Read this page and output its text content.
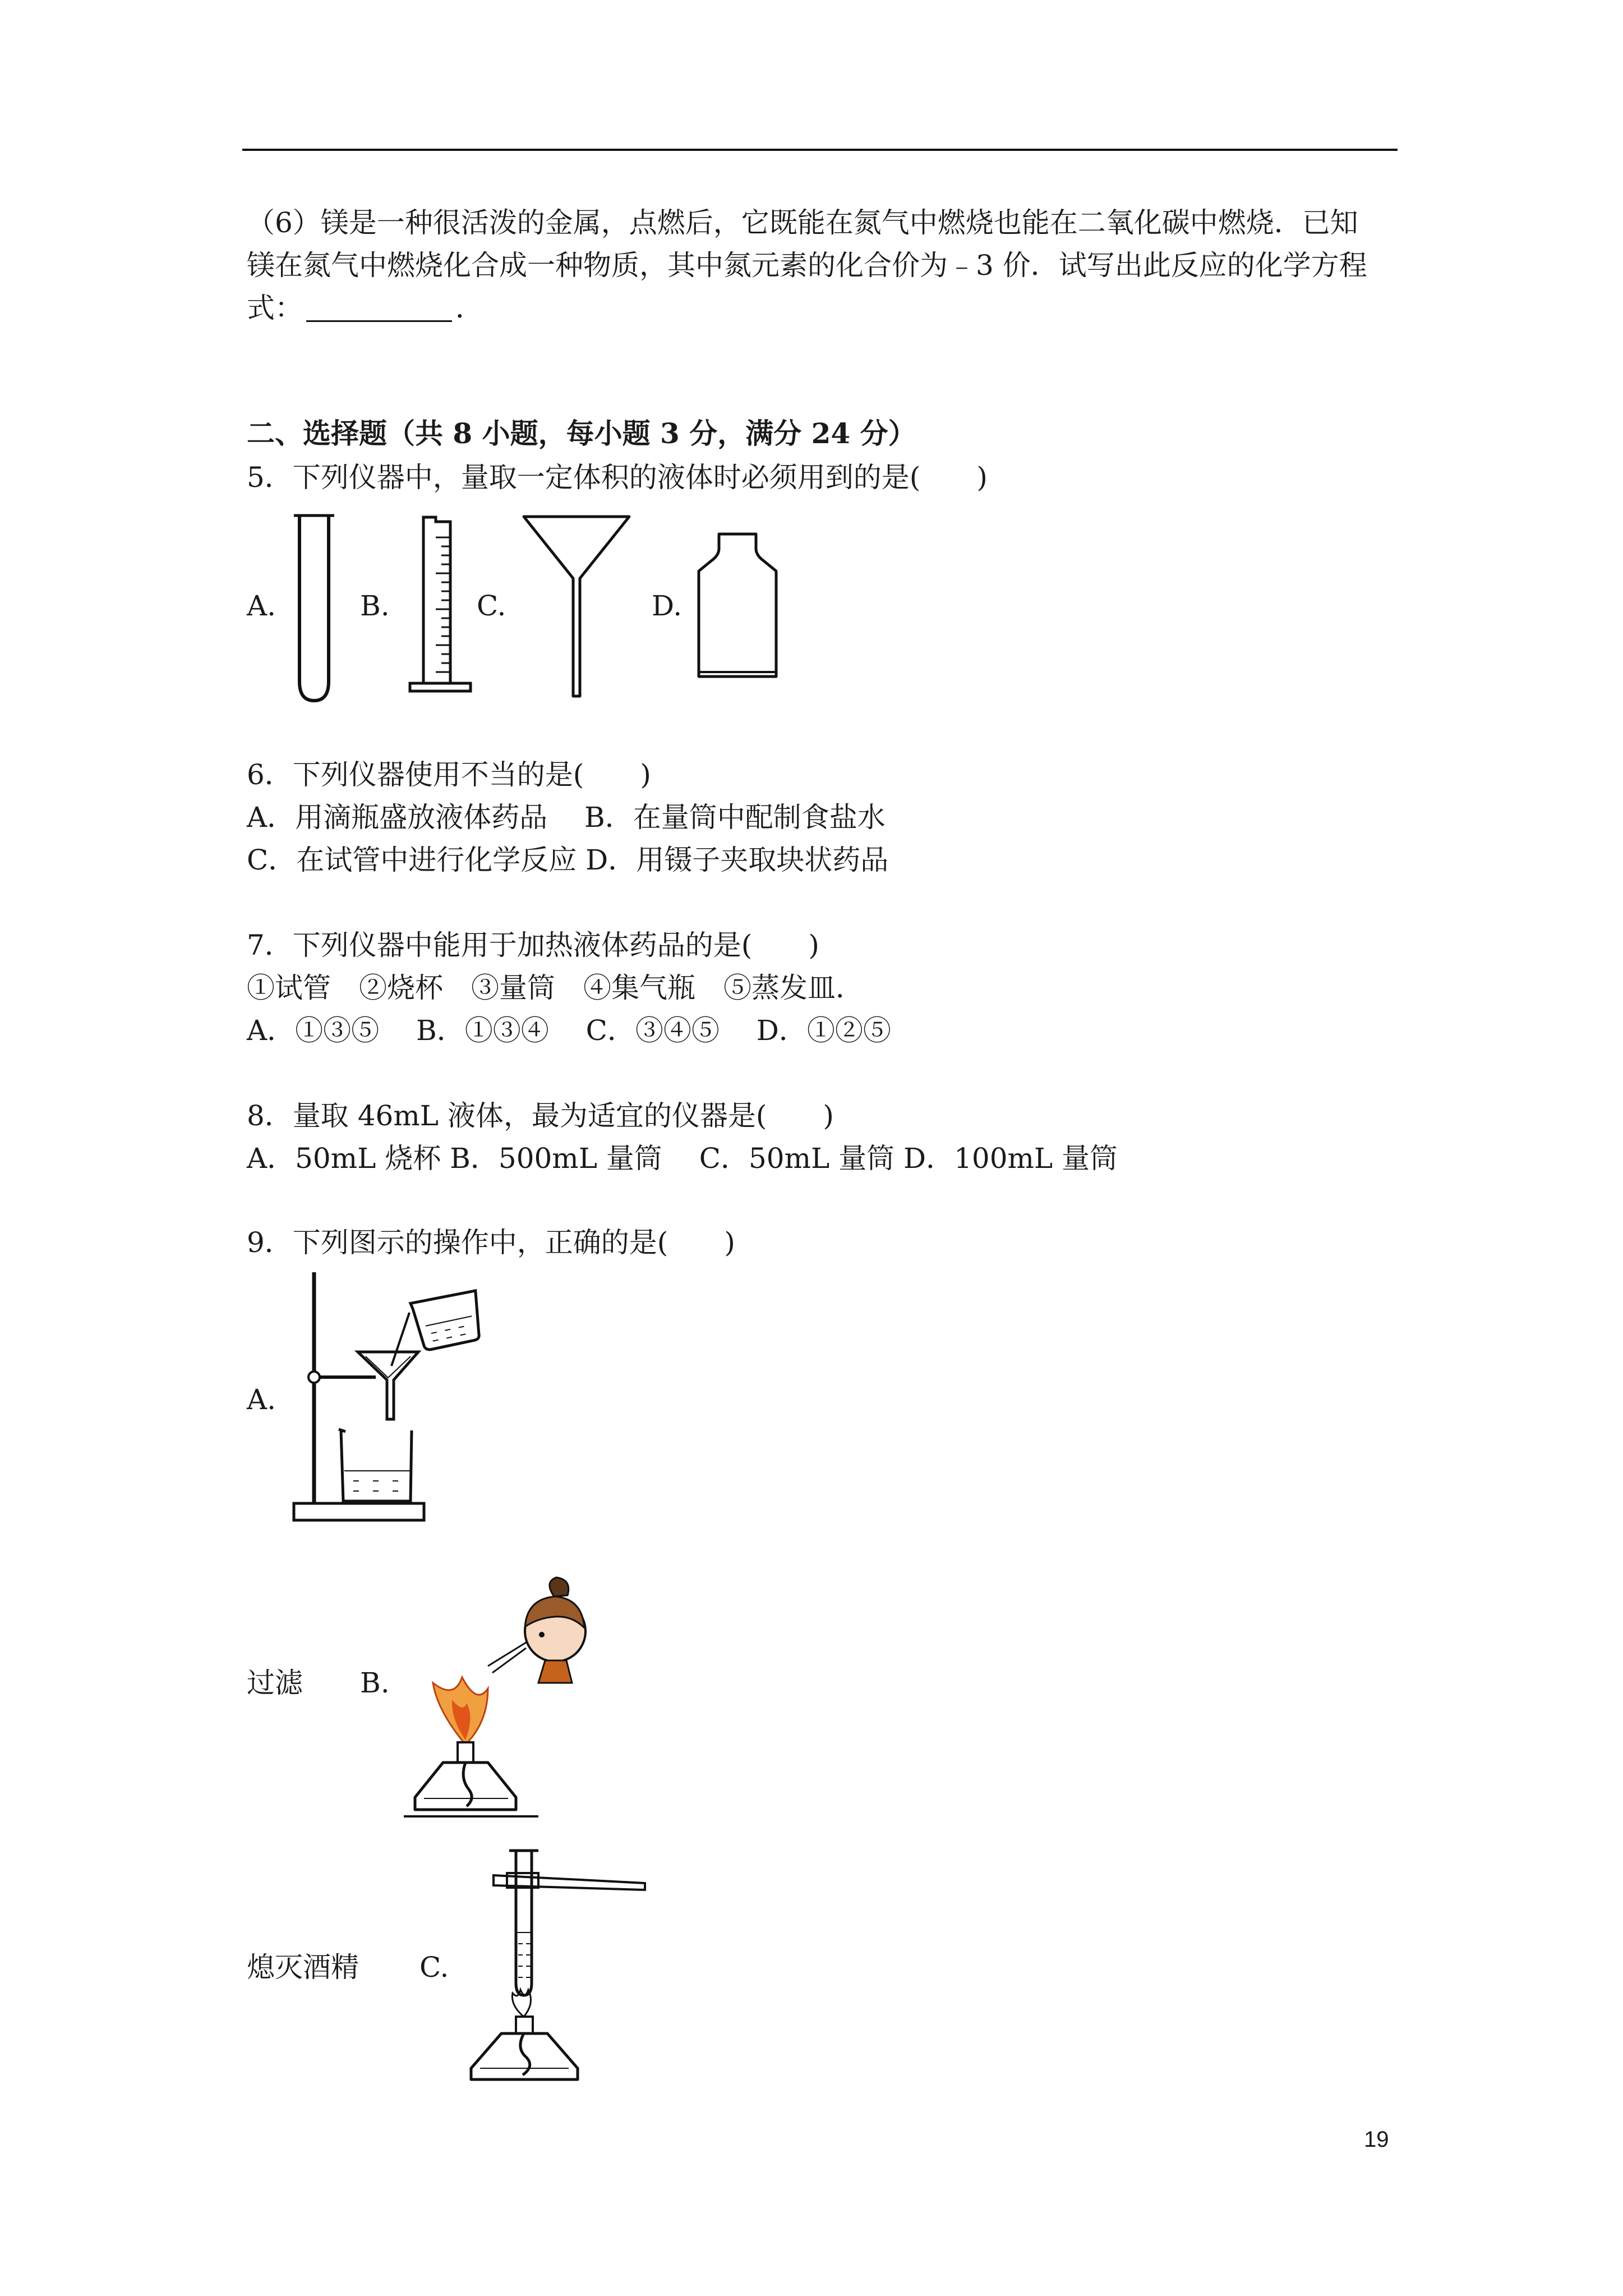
（6）镁是一种很活泼的金属，点燃后，它既能在氮气中燃烧也能在二氧化碳中燃烧．已知
镁在氮气中燃烧化合成一种物质，其中氮元素的化合价为﹣3 价．试写出此反应的化学方程
式：	．
二、选择题（共 8 小题，每小题 3 分，满分 24 分）
5．下列仪器中，量取一定体积的液体时必须用到的是(　　)
A.	B.	C.	D.
6．下列仪器使用不当的是(　　)
A．用滴瓶盛放液体药品　 B．在量筒中配制食盐水
C．在试管中进行化学反应 D．用镊子夹取块状药品
7．下列仪器中能用于加热液体药品的是(　　)
①试管　②烧杯　③量筒　④集气瓶　⑤蒸发皿．
A．①③⑤　 B．①③④　 C．③④⑤　 D．①②⑤
8．量取 46mL 液体，最为适宜的仪器是(　　)
A．50mL 烧杯 B．500mL 量筒　 C．50mL 量筒 D．100mL 量筒
9．下列图示的操作中，正确的是(　　)
A.
过滤 B.
熄灭酒精 C.
19
